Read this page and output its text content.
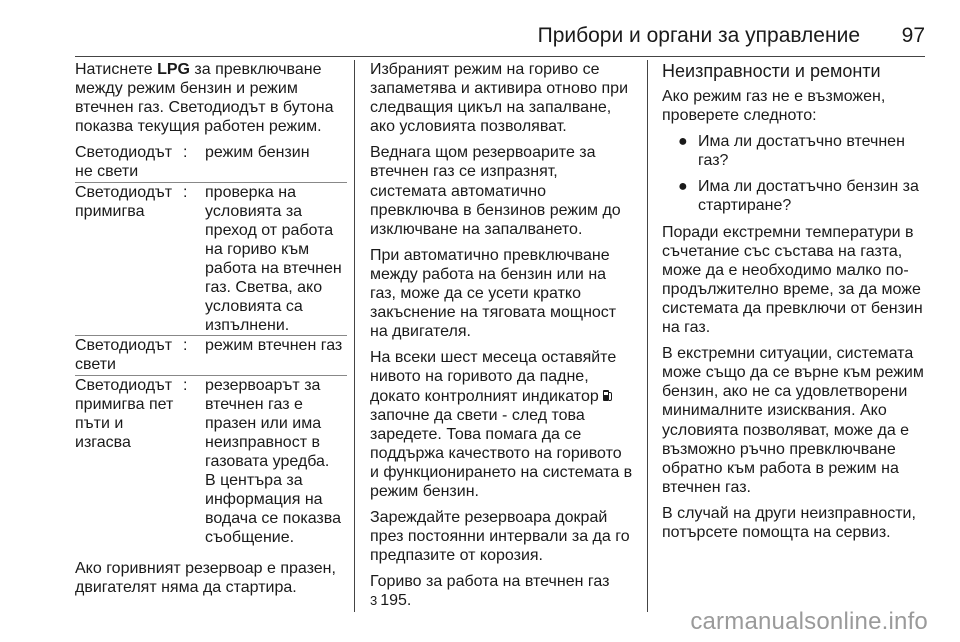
Прибори и органи за управление 97

Натиснете LPG за превключване между режим бензин и режим втечнен газ. Светодиодът в бутона показва текущия работен режим.

Светодиодът не свети	:	режим бензин
Светодиодът примигва	:	проверка на условията за преход от работа на гориво към работа на втечнен газ. Светва, ако условията са изпълнени.
Светодиодът свети	:	режим втечнен газ
Светодиодът примигва пет пъти и изгасва	:	резервоарът за втечнен газ е празен или има неизправност в газовата уредба. В центъра за информация на водача се показва съобщение.

Ако горивният резервоар е празен, двигателят няма да стартира.

Избраният режим на гориво се запаметява и активира отново при следващия цикъл на запалване, ако условията позволяват.

Веднага щом резервоарите за втечнен газ се изпразнят, системата автоматично превключва в бензинов режим до изключване на запалването.

При автоматично превключване между работа на бензин или на газ, може да се усети кратко закъснение на тяговата мощност на двигателя.

На всеки шест месеца оставяйте нивото на горивото да падне, докато контролният индикатор
започне да свети - след това заредете. Това помага да се поддържа качеството на горивото и функционирането на системата в режим бензин.

Зареждайте резервоара докрай през постоянни интервали за да го предпазите от корозия.

Гориво за работа на втечнен газ
3 195.

Неизправности и ремонти

Ако режим газ не е възможен, проверете следното:

● Има ли достатъчно втечнен газ?
● Има ли достатъчно бензин за стартиране?

Поради екстремни температури в съчетание със състава на газта, може да е необходимо малко по-продължително време, за да може системата да превключи от бензин на газ.

В екстремни ситуации, системата може също да се върне към режим бензин, ако не са удовлетворени минималните изисквания. Ако условията позволяват, може да е възможно ръчно превключване обратно към работа в режим на втечнен газ.

В случай на други неизправности, потърсете помощта на сервиз.

carmanualsonline.info
